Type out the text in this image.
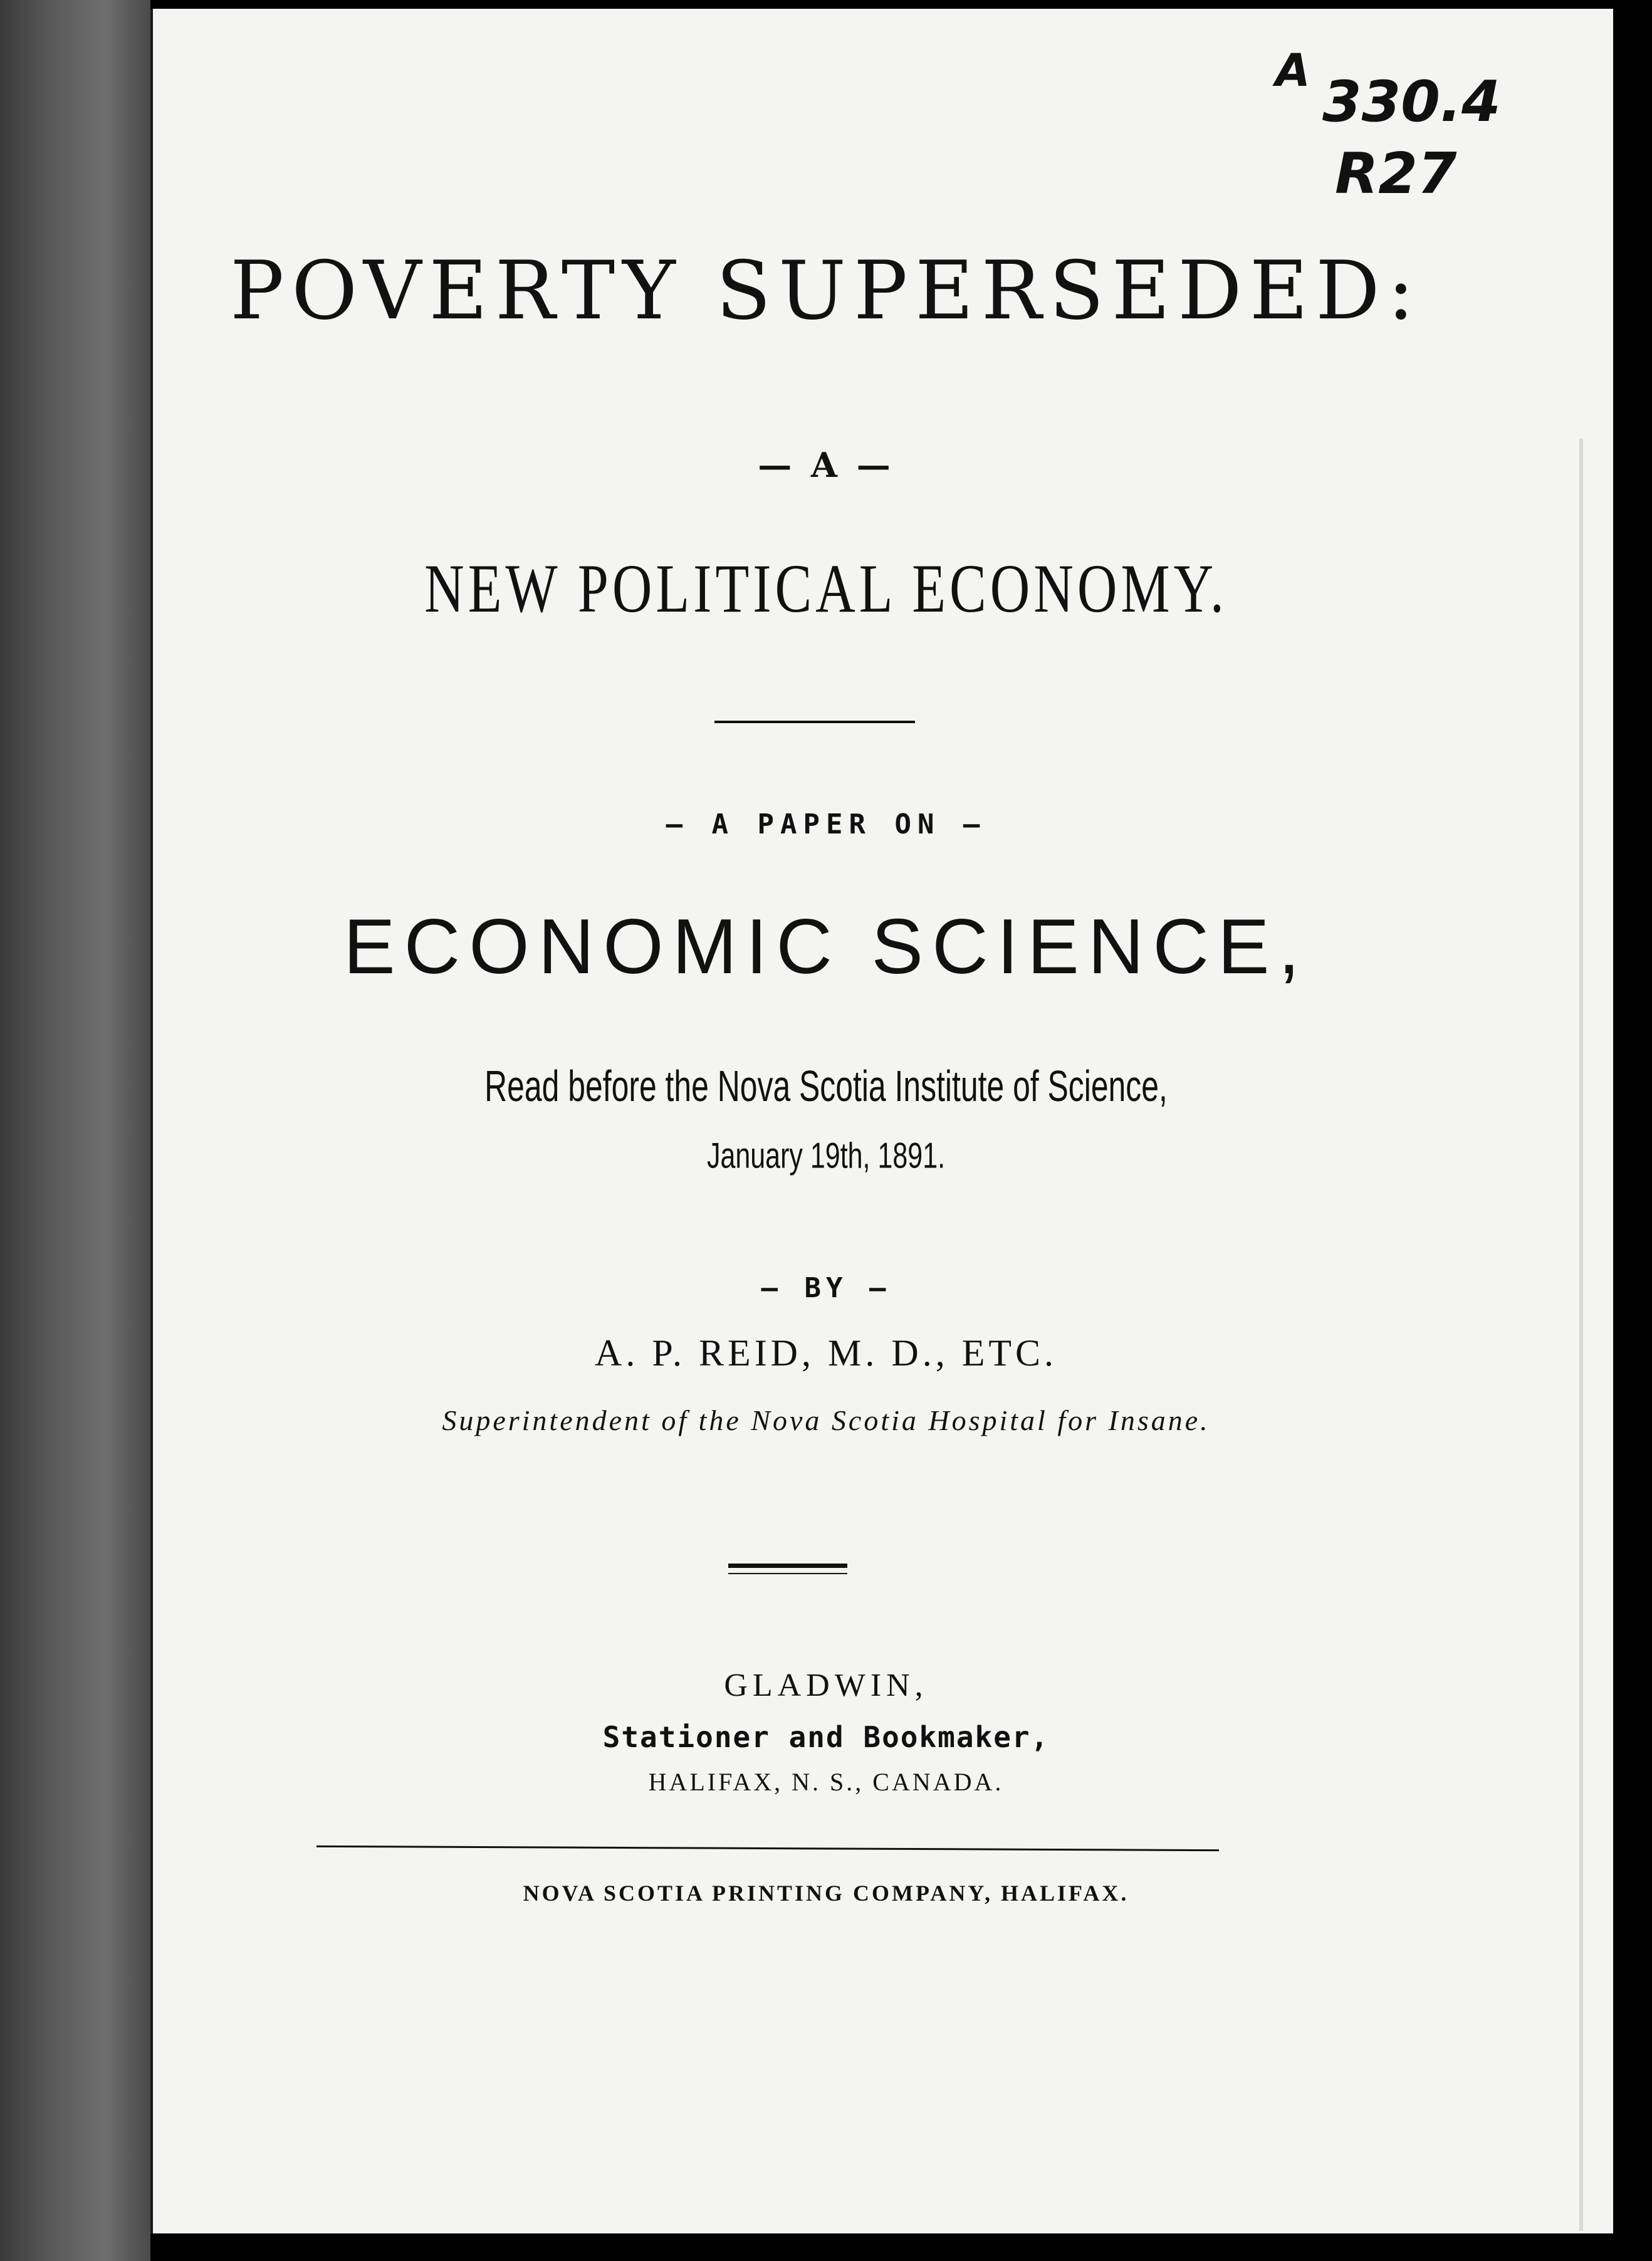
A 330.4
R27
POVERTY SUPERSEDED:
— A —
NEW POLITICAL ECONOMY.
— A PAPER ON —
ECONOMIC SCIENCE,
Read before the Nova Scotia Institute of Science,
January 19th, 1891.
— BY —
A. P. REID, M. D., ETC.
Superintendent of the Nova Scotia Hospital for Insane.
GLADWIN,
Stationer and Bookmaker,
HALIFAX, N. S., CANADA.
NOVA SCOTIA PRINTING COMPANY, HALIFAX.
